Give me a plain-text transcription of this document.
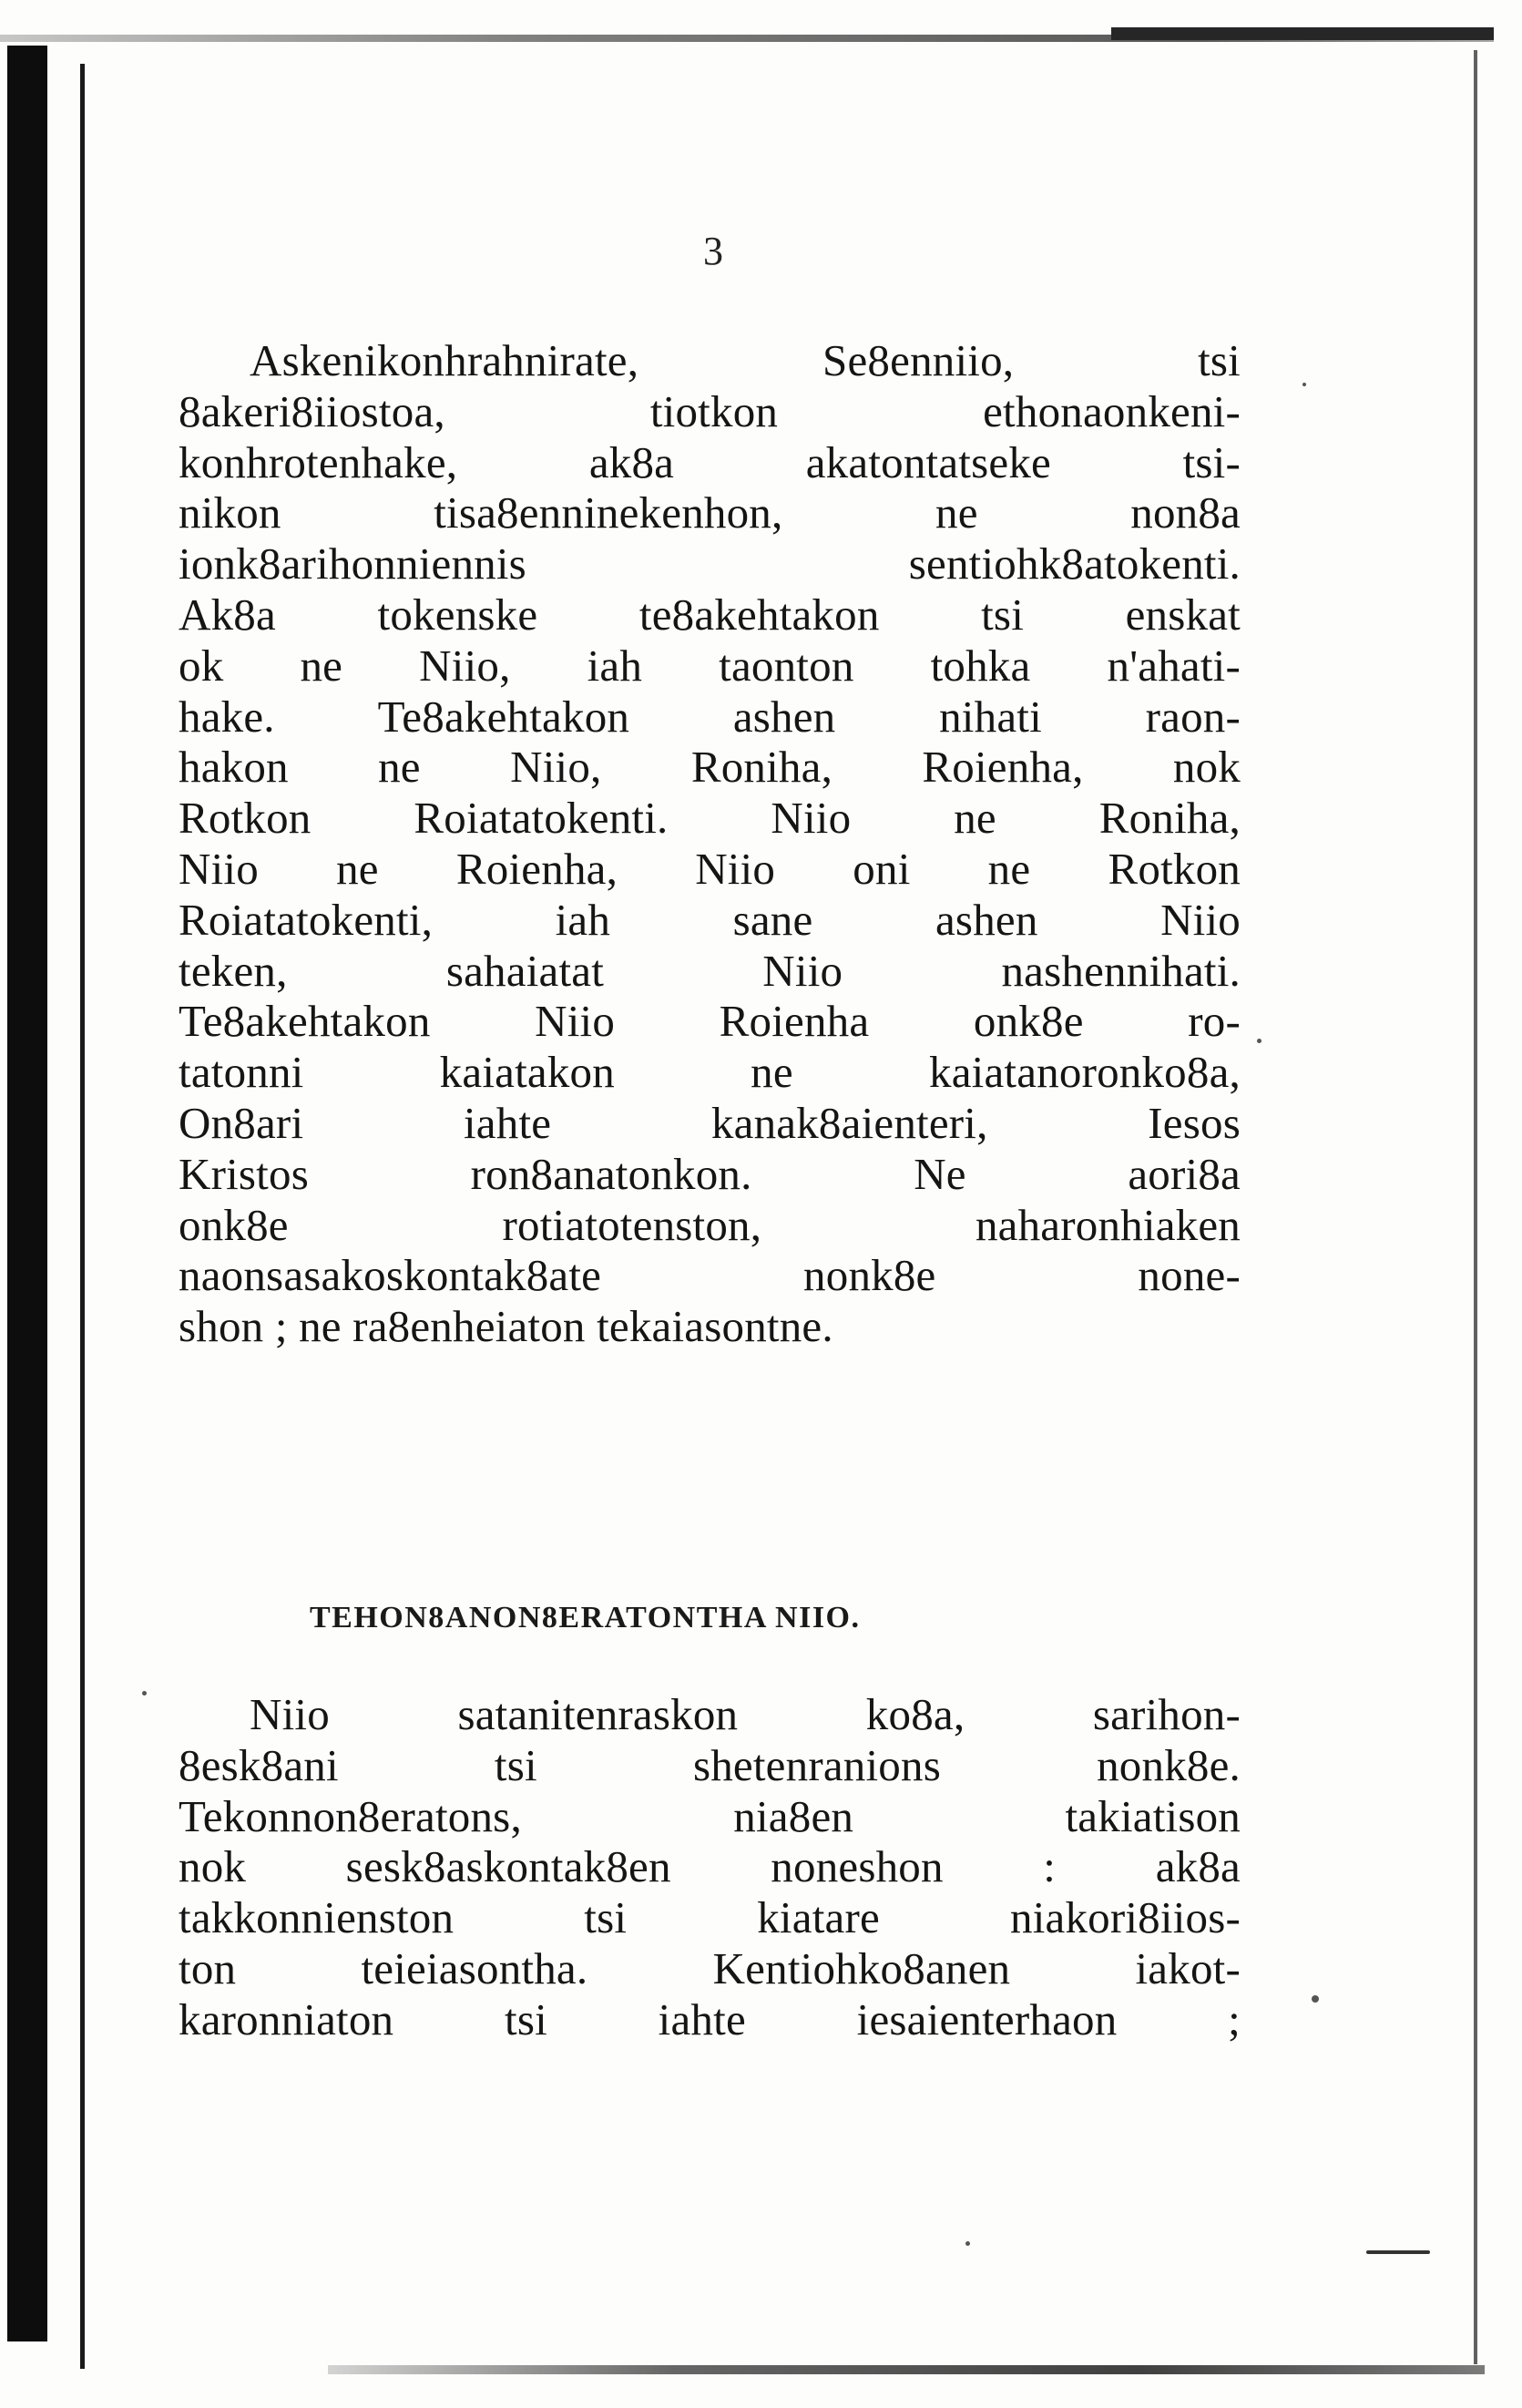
3
Askenikonhrahnirate, Se8enniio, tsi
8akeri8iiostoa, tiotkon ethonaonkeni-
konhrotenhake, ak8a akatontatseke tsi-
nikon tisa8enninekenhon, ne non8a
ionk8arihonniennis sentiohk8atokenti.
Ak8a tokenske te8akehtakon tsi enskat
ok ne Niio, iah taonton tohka n'ahati-
hake. Te8akehtakon ashen nihati raon-
hakon ne Niio, Roniha, Roienha, nok
Rotkon Roiatatokenti. Niio ne Roniha,
Niio ne Roienha, Niio oni ne Rotkon
Roiatatokenti, iah sane ashen Niio
teken, sahaiatat Niio nashennihati.
Te8akehtakon Niio Roienha onk8e ro-
tatonni kaiatakon ne kaiatanoronko8a,
On8ari iahte kanak8aienteri, Iesos
Kristos ron8anatonkon. Ne aori8a
onk8e rotiatotenston, naharonhiaken
naonsasakoskontak8ate nonk8e none-
shon ; ne ra8enheiaton tekaiasontne.
TEHON8ANON8ERATONTHA NIIO.
Niio satanitenraskon ko8a, sarihon-
8esk8ani tsi shetenranions nonk8e.
Tekonnon8eratons, nia8en takiatison
nok sesk8askontak8en noneshon : ak8a
takkonnienston tsi kiatare niakori8iios-
ton teieiasontha. Kentiohko8anen iakot-
karonniaton tsi iahte iesaienterhaon ;
